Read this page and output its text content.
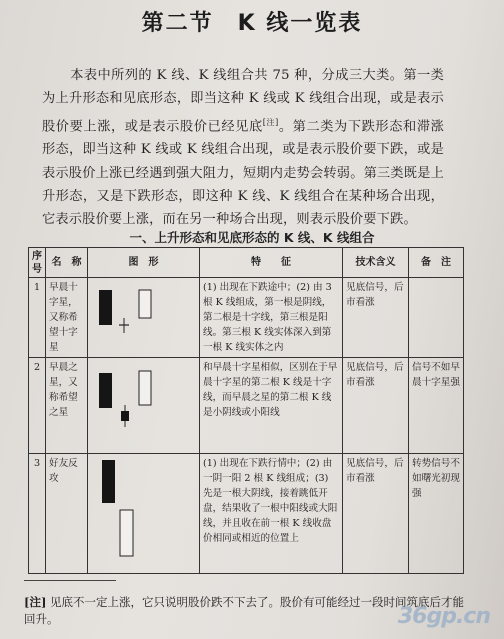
第二节　K 线一览表
本表中所列的 K 线、K 线组合共 75 种，分成三大类。第一类为上升形态和见底形态，即当这种 K 线或 K 线组合出现，或是表示股价要上涨，或是表示股价已经见底[注]。第二类为下跌形态和滞涨形态，即当这种 K 线或 K 线组合出现，或是表示股价要下跌，或是表示股价上涨已经遇到强大阻力，短期内走势会转弱。第三类既是上升形态，又是下跌形态，即这种 K 线、K 线组合在某种场合出现，它表示股价要上涨，而在另一种场合出现，则表示股价要下跌。
一、上升形态和见底形态的 K 线、K 线组合
序号	名　称	图　形	特　　征	技术含义	备　注
1	早晨十字星，又称希望十字星		(1) 出现在下跌途中；(2) 由 3 根 K 线组成，第一根是阴线，第二根是十字线，第三根是阳线。第三根 K 线实体深入到第一根 K 线实体之内	见底信号，后市看涨	
2	早晨之星，又称希望之星		和早晨十字星相似，区别在于早晨十字星的第二根 K 线是十字线，而早晨之星的第二根 K 线是小阴线或小阳线	见底信号，后市看涨	信号不如早晨十字星强
3	好友反攻		(1) 出现在下跌行情中；(2) 由一阴一阳 2 根 K 线组成；(3) 先是一根大阴线，接着跳低开盘，结果收了一根中阳线或大阳线，并且收在前一根 K 线收盘价相同或相近的位置上	见底信号，后市看涨	转势信号不如曙光初现强
[注] 见底不一定上涨，它只说明股价跌不下去了。股价有可能经过一段时间筑底后才能回升。	36gp.cn
